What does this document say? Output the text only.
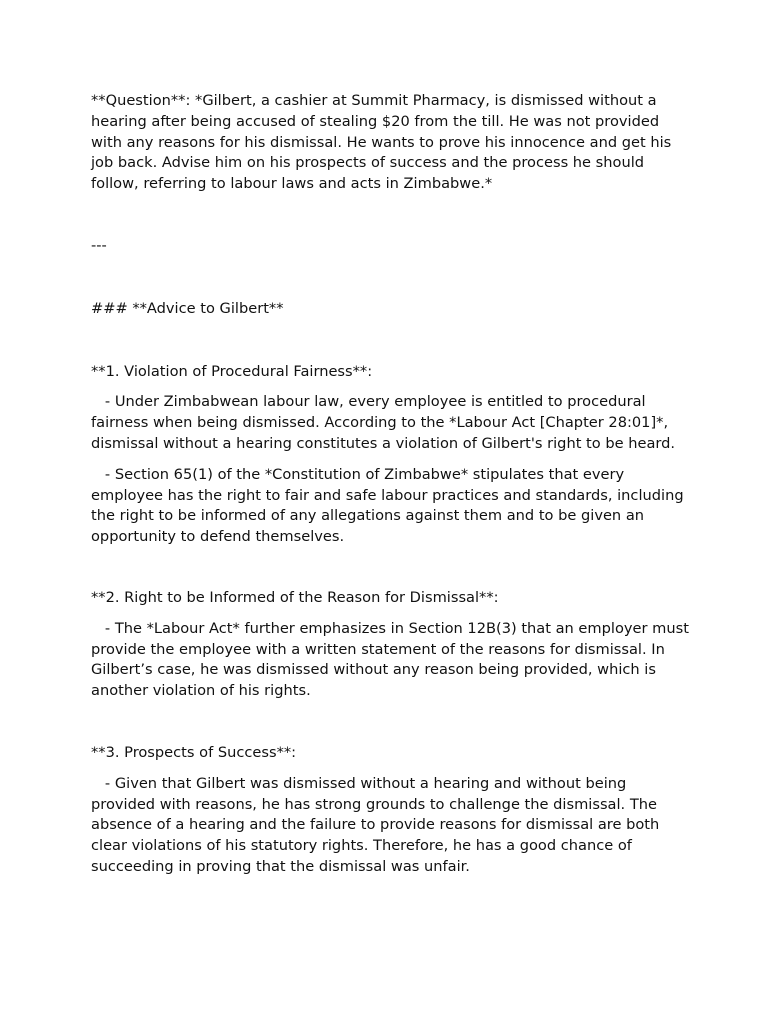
**Question**: *Gilbert, a cashier at Summit Pharmacy, is dismissed without a hearing after being accused of stealing $20 from the till. He was not provided with any reasons for his dismissal. He wants to prove his innocence and get his job back. Advise him on his prospects of success and the process he should follow, referring to labour laws and acts in Zimbabwe.*

---

### **Advice to Gilbert**

**1. Violation of Procedural Fairness**:

- Under Zimbabwean labour law, every employee is entitled to procedural fairness when being dismissed. According to the *Labour Act [Chapter 28:01]*, dismissal without a hearing constitutes a violation of Gilbert's right to be heard.

- Section 65(1) of the *Constitution of Zimbabwe* stipulates that every employee has the right to fair and safe labour practices and standards, including the right to be informed of any allegations against them and to be given an opportunity to defend themselves.

**2. Right to be Informed of the Reason for Dismissal**:

- The *Labour Act* further emphasizes in Section 12B(3) that an employer must provide the employee with a written statement of the reasons for dismissal. In Gilbert’s case, he was dismissed without any reason being provided, which is another violation of his rights.

**3. Prospects of Success**:

- Given that Gilbert was dismissed without a hearing and without being provided with reasons, he has strong grounds to challenge the dismissal. The absence of a hearing and the failure to provide reasons for dismissal are both clear violations of his statutory rights. Therefore, he has a good chance of succeeding in proving that the dismissal was unfair.
